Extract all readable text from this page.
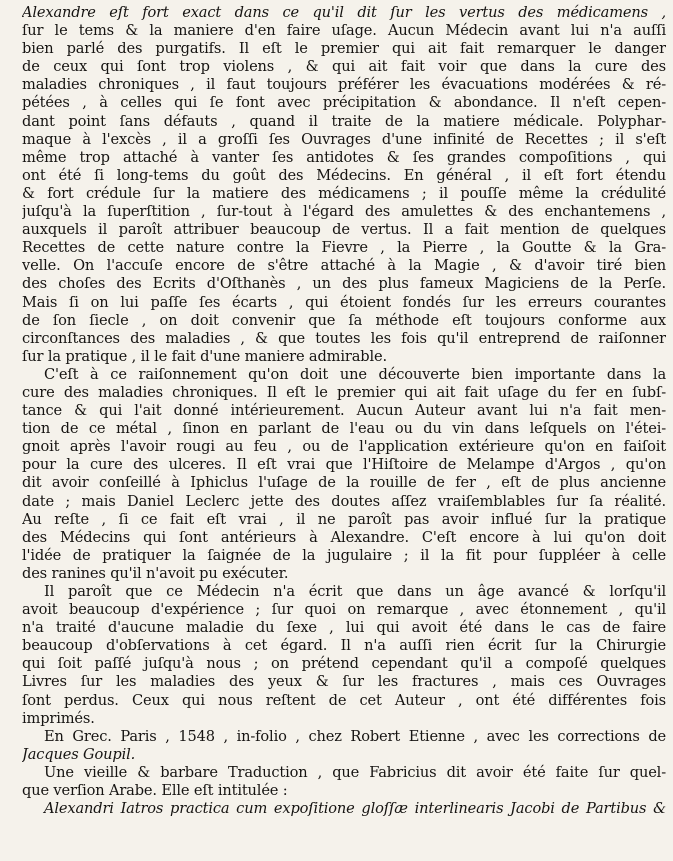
Alexandre eſt fort exact dans ce qu'il dit ſur les vertus des médicamens ,
ſur le tems & la maniere d'en faire uſage. Aucun Médecin avant lui n'a auſſi
bien parlé des purgatifs. Il eſt le premier qui ait fait remarquer le danger
de ceux qui ſont trop violens , & qui ait fait voir que dans la cure des
maladies chroniques , il faut toujours préférer les évacuations modérées & ré-
pétées , à celles qui ſe font avec précipitation & abondance. Il n'eſt cepen-
dant point ſans défauts , quand il traite de la matiere médicale. Polyphar-
maque à l'excès , il a groſſi ſes Ouvrages d'une infinité de Recettes ; il s'eſt
même trop attaché à vanter ſes antidotes & ſes grandes compoſitions , qui
ont été ſi long-tems du goût des Médecins. En général , il eſt fort étendu
& fort crédule ſur la matiere des médicamens ; il pouſſe même la crédulité
juſqu'à la ſuperſtition , ſur-tout à l'égard des amulettes & des enchantemens ,
auxquels il paroît attribuer beaucoup de vertus. Il a fait mention de quelques
Recettes de cette nature contre la Fievre , la Pierre , la Goutte & la Gra-
velle. On l'accuſe encore de s'être attaché à la Magie , & d'avoir tiré bien
des choſes des Ecrits d'Oſthanès , un des plus fameux Magiciens de la Perſe.
Mais ſi on lui paſſe ſes écarts , qui étoient fondés ſur les erreurs courantes
de ſon ſiecle , on doit convenir que ſa méthode eſt toujours conforme aux
circonſtances des maladies , & que toutes les fois qu'il entreprend de raiſonner
ſur la pratique , il le fait d'une maniere admirable.
C'eſt à ce raiſonnement qu'on doit une découverte bien importante dans la
cure des maladies chroniques. Il eſt le premier qui ait fait uſage du fer en ſubſ-
tance & qui l'ait donné intérieurement. Aucun Auteur avant lui n'a fait men-
tion de ce métal , ſinon en parlant de l'eau ou du vin dans leſquels on l'étei-
gnoit après l'avoir rougi au feu , ou de l'application extérieure qu'on en faiſoit
pour la cure des ulceres. Il eſt vrai que l'Hiſtoire de Melampe d'Argos , qu'on
dit avoir conſeillé à Iphiclus l'uſage de la rouille de fer , eſt de plus ancienne
date ; mais Daniel Leclerc jette des doutes aſſez vraiſemblables ſur ſa réalité.
Au reſte , ſi ce fait eſt vrai , il ne paroît pas avoir influé ſur la pratique
des Médecins qui ſont antérieurs à Alexandre. C'eſt encore à lui qu'on doit
l'idée de pratiquer la ſaignée de la jugulaire ; il la fit pour ſuppléer à celle
des ranines qu'il n'avoit pu exécuter.
Il paroît que ce Médecin n'a écrit que dans un âge avancé & lorſqu'il
avoit beaucoup d'expérience ; ſur quoi on remarque , avec étonnement , qu'il
n'a traité d'aucune maladie du ſexe , lui qui avoit été dans le cas de faire
beaucoup d'obſervations à cet égard. Il n'a auſſi rien écrit ſur la Chirurgie
qui ſoit paſſé juſqu'à nous ; on prétend cependant qu'il a compoſé quelques
Livres ſur les maladies des yeux & ſur les fractures , mais ces Ouvrages
ſont perdus. Ceux qui nous reſtent de cet Auteur , ont été différentes fois
imprimés.
En Grec. Paris , 1548 , in-folio , chez Robert Etienne , avec les corrections de
Jacques Goupil.
Une vieille & barbare Traduction , que Fabricius dit avoir été faite ſur quel-
que verſion Arabe. Elle eſt intitulée :
Alexandri Iatros practica cum expoſitione gloſſæ interlinearis Jacobi de Partibus &
